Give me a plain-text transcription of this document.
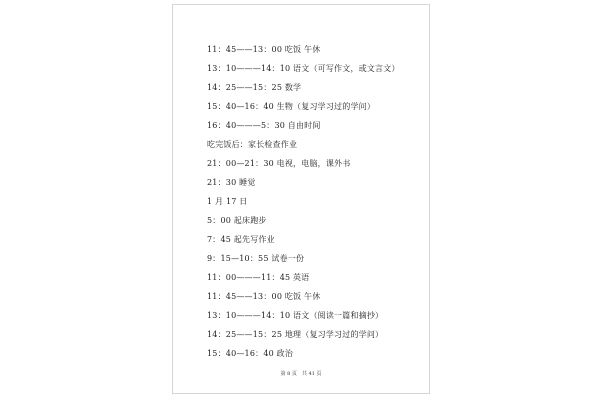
11：45——13：00 吃饭 午休
13：10———14：10 语文（可写作文，或文言文）
14：25——15：25 数学
15：40—16：40 生物（复习学习过的学问）
16：40———5：30 自由时间
吃完饭后：家长检查作业
21：00—21：30 电视，电脑，课外书
21：30 睡觉
1 月 17 日
5：00 起床跑步
7：45 起先写作业
9：15—10：55 试卷一份
11：00———11：45 英语
11：45——13：00 吃饭 午休
13：10———14：10 语文（阅读一篇和摘抄）
14：25——15：25 地理（复习学习过的学问）
15：40—16：40 政治
第 8 页　共 41 页
